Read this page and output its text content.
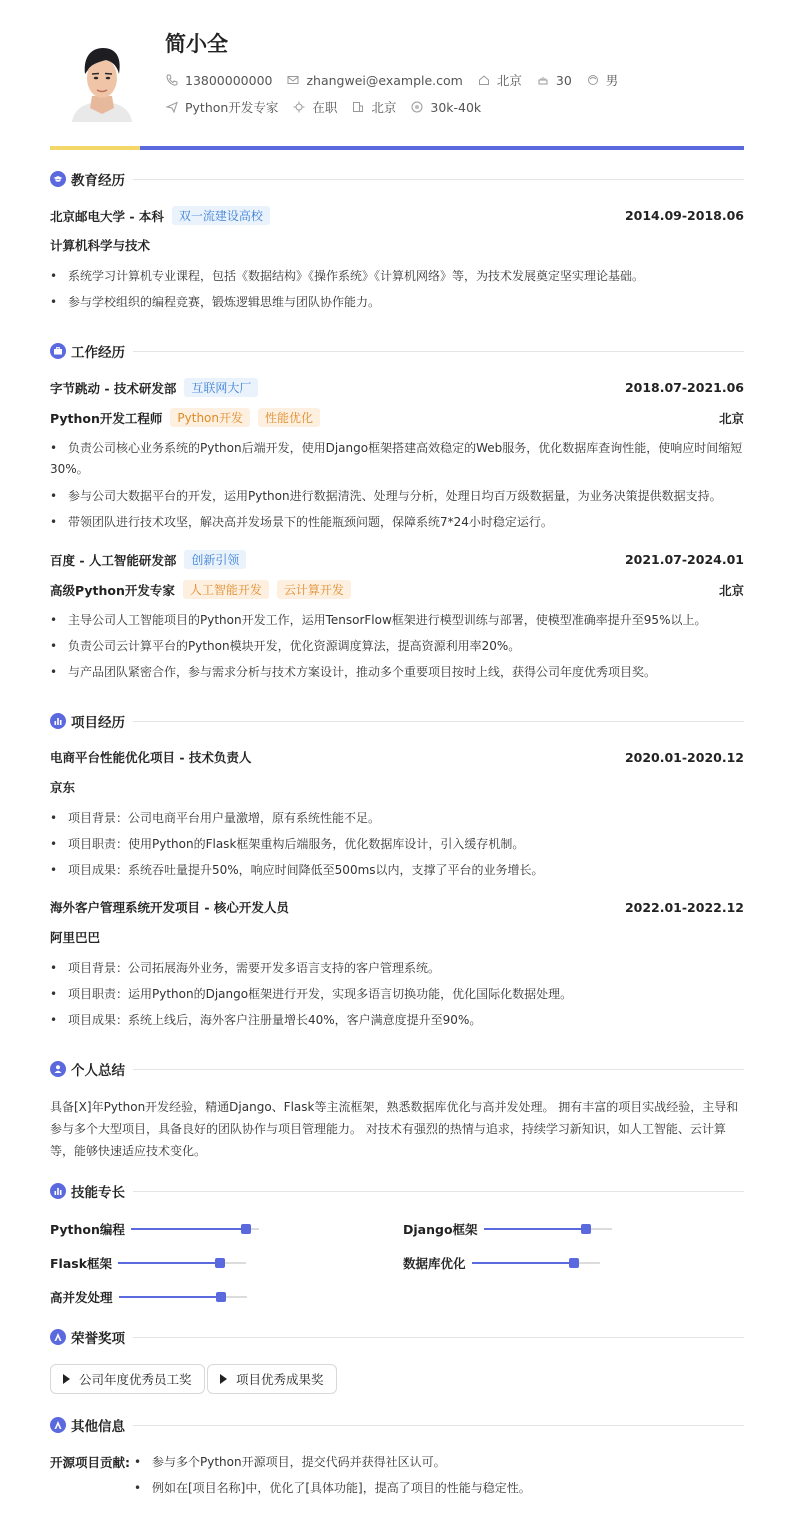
简小全
13800000000	zhangwei@example.com	北京	30	男
Python开发专家	在职	北京	30k-40k
教育经历
北京邮电大学 - 本科	双一流建设高校	2014.09-2018.06
计算机科学与技术
• 系统学习计算机专业课程，包括《数据结构》《操作系统》《计算机网络》等，为技术发展奠定坚实理论基础。
• 参与学校组织的编程竞赛，锻炼逻辑思维与团队协作能力。
工作经历
字节跳动 - 技术研发部	互联网大厂	2018.07-2021.06
Python开发工程师	Python开发	性能优化	北京
• 负责公司核心业务系统的Python后端开发，使用Django框架搭建高效稳定的Web服务，优化数据库查询性能，使响应时间缩短30%。
• 参与公司大数据平台的开发，运用Python进行数据清洗、处理与分析，处理日均百万级数据量，为业务决策提供数据支持。
• 带领团队进行技术攻坚，解决高并发场景下的性能瓶颈问题，保障系统7*24小时稳定运行。
百度 - 人工智能研发部	创新引领	2021.07-2024.01
高级Python开发专家	人工智能开发	云计算开发	北京
• 主导公司人工智能项目的Python开发工作，运用TensorFlow框架进行模型训练与部署，使模型准确率提升至95%以上。
• 负责公司云计算平台的Python模块开发，优化资源调度算法，提高资源利用率20%。
• 与产品团队紧密合作，参与需求分析与技术方案设计，推动多个重要项目按时上线，获得公司年度优秀项目奖。
项目经历
电商平台性能优化项目 - 技术负责人	2020.01-2020.12
京东
• 项目背景：公司电商平台用户量激增，原有系统性能不足。
• 项目职责：使用Python的Flask框架重构后端服务，优化数据库设计，引入缓存机制。
• 项目成果：系统吞吐量提升50%，响应时间降低至500ms以内，支撑了平台的业务增长。
海外客户管理系统开发项目 - 核心开发人员	2022.01-2022.12
阿里巴巴
• 项目背景：公司拓展海外业务，需要开发多语言支持的客户管理系统。
• 项目职责：运用Python的Django框架进行开发，实现多语言切换功能，优化国际化数据处理。
• 项目成果：系统上线后，海外客户注册量增长40%，客户满意度提升至90%。
个人总结
具备[X]年Python开发经验，精通Django、Flask等主流框架，熟悉数据库优化与高并发处理。 拥有丰富的项目实战经验，主导和参与多个大型项目，具备良好的团队协作与项目管理能力。 对技术有强烈的热情与追求，持续学习新知识，如人工智能、云计算等，能够快速适应技术变化。
技能专长
Python编程	Django框架
Flask框架	数据库优化
高并发处理
荣誉奖项
公司年度优秀员工奖	项目优秀成果奖
其他信息
开源项目贡献: • 参与多个Python开源项目，提交代码并获得社区认可。
• 例如在[项目名称]中，优化了[具体功能]，提高了项目的性能与稳定性。
